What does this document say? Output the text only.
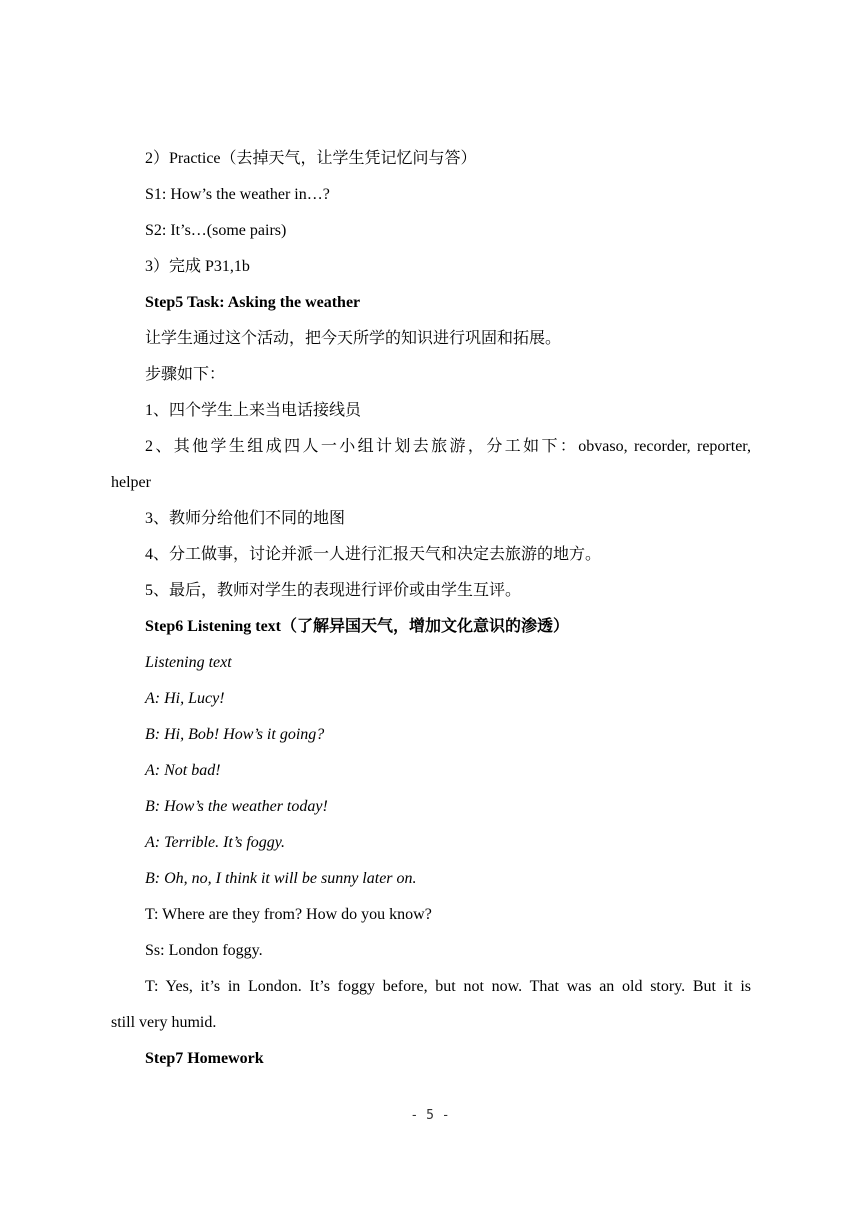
2）Practice（去掉天气，让学生凭记忆问与答）
S1: How’s the weather in…?
S2: It’s…(some pairs)
3）完成 P31,1b
Step5 Task: Asking the weather
让学生通过这个活动，把今天所学的知识进行巩固和拓展。
步骤如下：
1、四个学生上来当电话接线员
2、其他学生组成四人一小组计划去旅游，分工如下：obvaso, recorder, reporter,
helper
3、教师分给他们不同的地图
4、分工做事，讨论并派一人进行汇报天气和决定去旅游的地方。
5、最后，教师对学生的表现进行评价或由学生互评。
Step6 Listening text（了解异国天气，增加文化意识的渗透）
Listening text
A: Hi, Lucy!
B: Hi, Bob! How’s it going?
A: Not bad!
B: How’s the weather today!
A: Terrible. It’s foggy.
B: Oh, no, I think it will be sunny later on.
T: Where are they from? How do you know?
Ss: London foggy.
T: Yes, it’s in London. It’s foggy before, but not now. That was an old story. But it is
still very humid.
Step7 Homework
- 5 -
